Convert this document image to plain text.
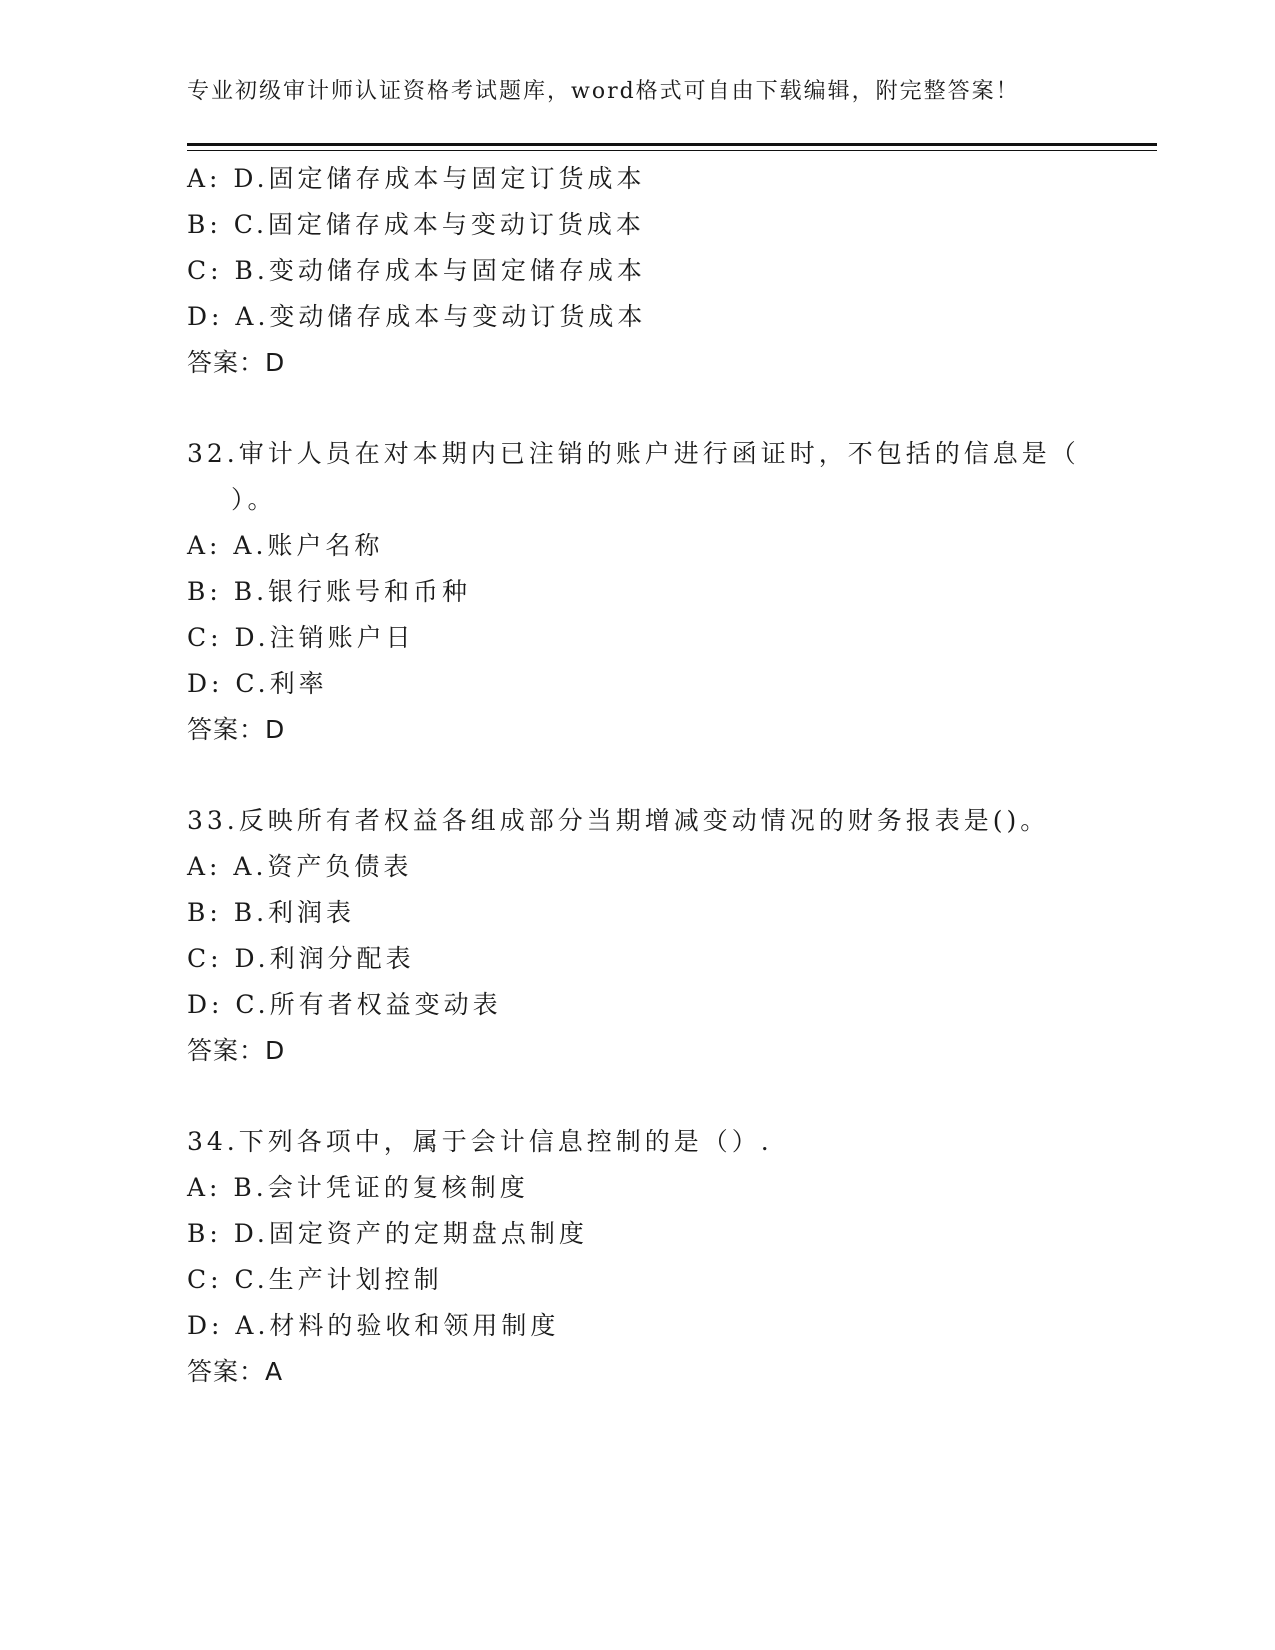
专业初级审计师认证资格考试题库，word格式可自由下载编辑，附完整答案！
A: D.固定储存成本与固定订货成本
B: C.固定储存成本与变动订货成本
C: B.变动储存成本与固定储存成本
D: A.变动储存成本与变动订货成本
答案：D
32.审计人员在对本期内已注销的账户进行函证时，不包括的信息是（
）。
A: A.账户名称
B: B.银行账号和币种
C: D.注销账户日
D: C.利率
答案：D
33.反映所有者权益各组成部分当期增减变动情况的财务报表是()。
A: A.资产负债表
B: B.利润表
C: D.利润分配表
D: C.所有者权益变动表
答案：D
34.下列各项中，属于会计信息控制的是（）.
A: B.会计凭证的复核制度
B: D.固定资产的定期盘点制度
C: C.生产计划控制
D: A.材料的验收和领用制度
答案：A
